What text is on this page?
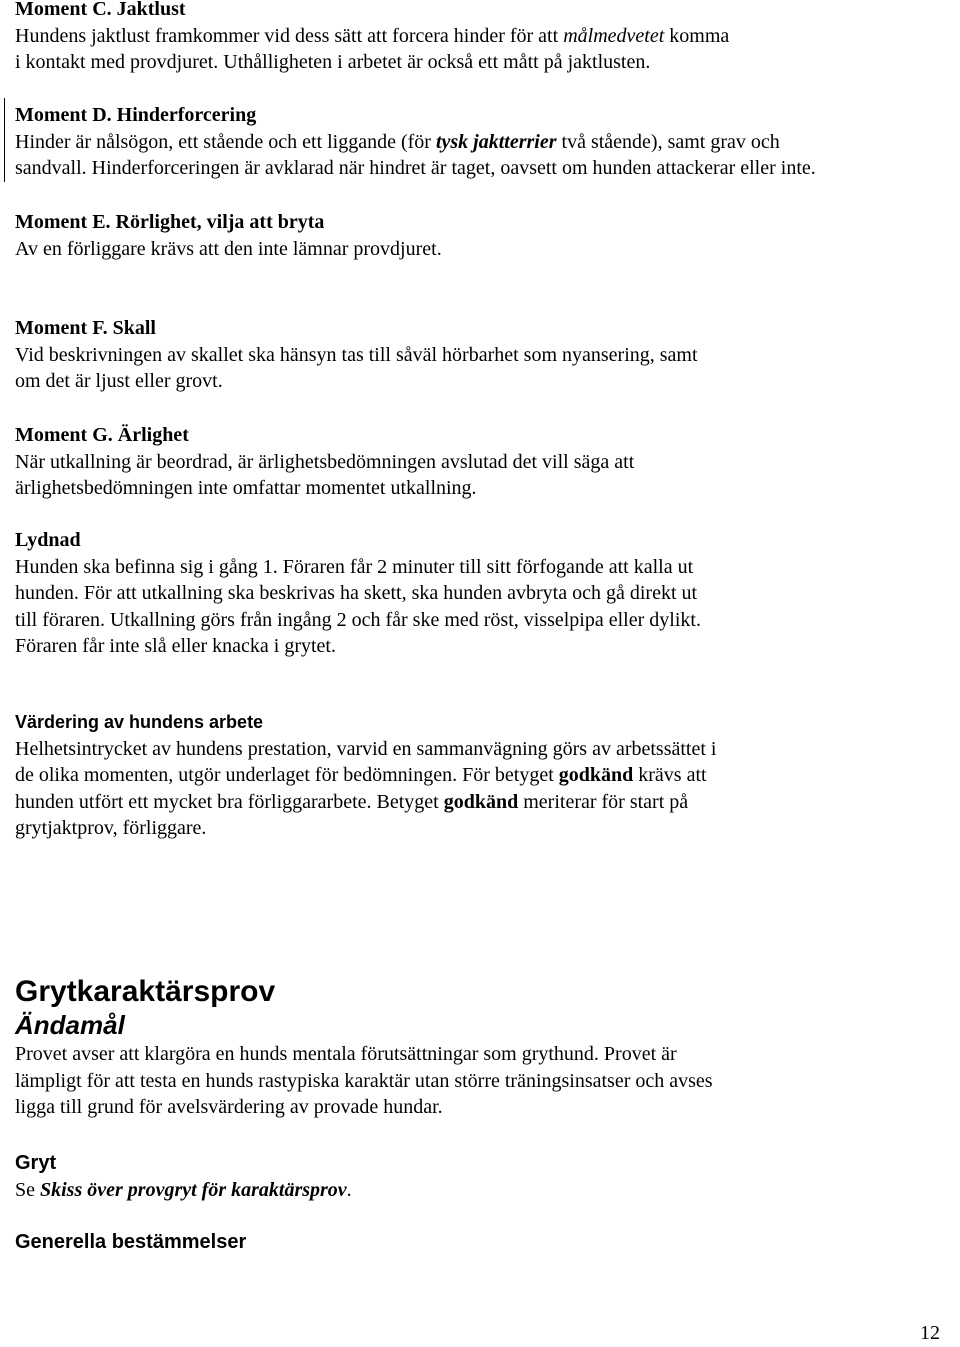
Moment C. Jaktlust

Hundens jaktlust framkommer vid dess sätt att forcera hinder för att målmedvetet komma

i kontakt med provdjuret. Uthålligheten i arbetet är också ett mått på jaktlusten.

Moment D. Hinderforcering

Hinder är nålsögon, ett stående och ett liggande (för tysk jaktterrier två stående), samt grav och

sandvall. Hinderforceringen är avklarad när hindret är taget, oavsett om hunden attackerar eller inte.

Moment E. Rörlighet, vilja att bryta

Av en förliggare krävs att den inte lämnar provdjuret.

Moment F. Skall

Vid beskrivningen av skallet ska hänsyn tas till såväl hörbarhet som nyansering, samt

om det är ljust eller grovt.

Moment G. Ärlighet

När utkallning är beordrad, är ärlighetsbedömningen avslutad det vill säga att

ärlighetsbedömningen inte omfattar momentet utkallning.

Lydnad

Hunden ska befinna sig i gång 1. Föraren får 2 minuter till sitt förfogande att kalla ut

hunden. För att utkallning ska beskrivas ha skett, ska hunden avbryta och gå direkt ut

till föraren. Utkallning görs från ingång 2 och får ske med röst, visselpipa eller dylikt.

Föraren får inte slå eller knacka i grytet.

Värdering av hundens arbete

Helhetsintrycket av hundens prestation, varvid en sammanvägning görs av arbetssättet i

de olika momenten, utgör underlaget för bedömningen. För betyget godkänd krävs att

hunden utfört ett mycket bra förliggararbete. Betyget godkänd meriterar för start på

grytjaktprov, förliggare.

Grytkaraktärsprov

Ändamål

Provet avser att klargöra en hunds mentala förutsättningar som grythund. Provet är

lämpligt för att testa en hunds rastypiska karaktär utan större träningsinsatser och avses

ligga till grund för avelsvärdering av provade hundar.

Gryt

Se Skiss över provgryt för karaktärsprov.

Generella bestämmelser

12
